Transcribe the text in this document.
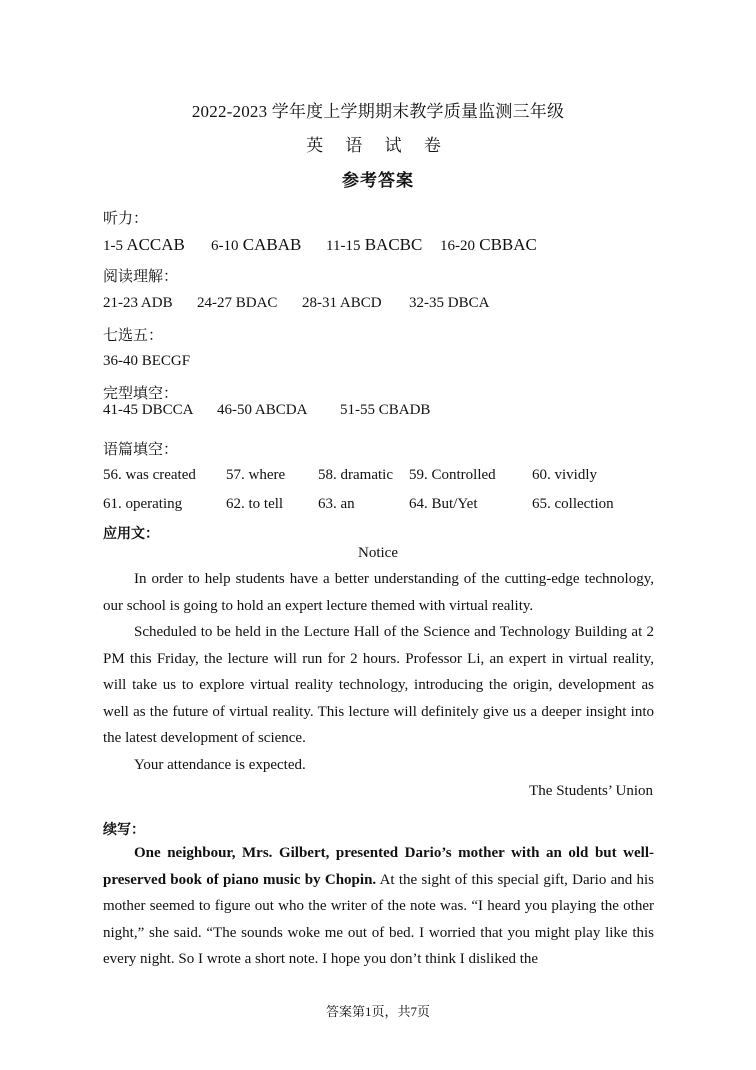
2022-2023 学年度上学期期末教学质量监测三年级
英 语 试 卷
参考答案
听力：
1-5 ACCAB 6-10 CABAB 11-15 BACBC 16-20 CBBAC
阅读理解：
21-23 ADB 24-27 BDAC 28-31 ABCD 32-35 DBCA
七选五：
36-40 BECGF
完型填空：
41-45 DBCCA 46-50 ABCDA 51-55 CBADB
语篇填空：
56. was created 57. where 58. dramatic 59. Controlled 60. vividly
61. operating	62. to tell 63. an	64. But/Yet	65. collection
应用文：
Notice
In order to help students have a better understanding of the cutting-edge technology, our school is going to hold an expert lecture themed with virtual reality.
Scheduled to be held in the Lecture Hall of the Science and Technology Building at 2 PM this Friday, the lecture will run for 2 hours. Professor Li, an expert in virtual reality, will take us to explore virtual reality technology, introducing the origin, development as well as the future of virtual reality. This lecture will definitely give us a deeper insight into the latest development of science.
Your attendance is expected.
The Students’ Union
续写：
One neighbour, Mrs. Gilbert, presented Dario’s mother with an old but well-preserved book of piano music by Chopin. At the sight of this special gift, Dario and his mother seemed to figure out who the writer of the note was. “I heard you playing the other night,” she said. “The sounds woke me out of bed. I worried that you might play like this every night. So I wrote a short note. I hope you don’t think I disliked the
答案第1页，共7页
